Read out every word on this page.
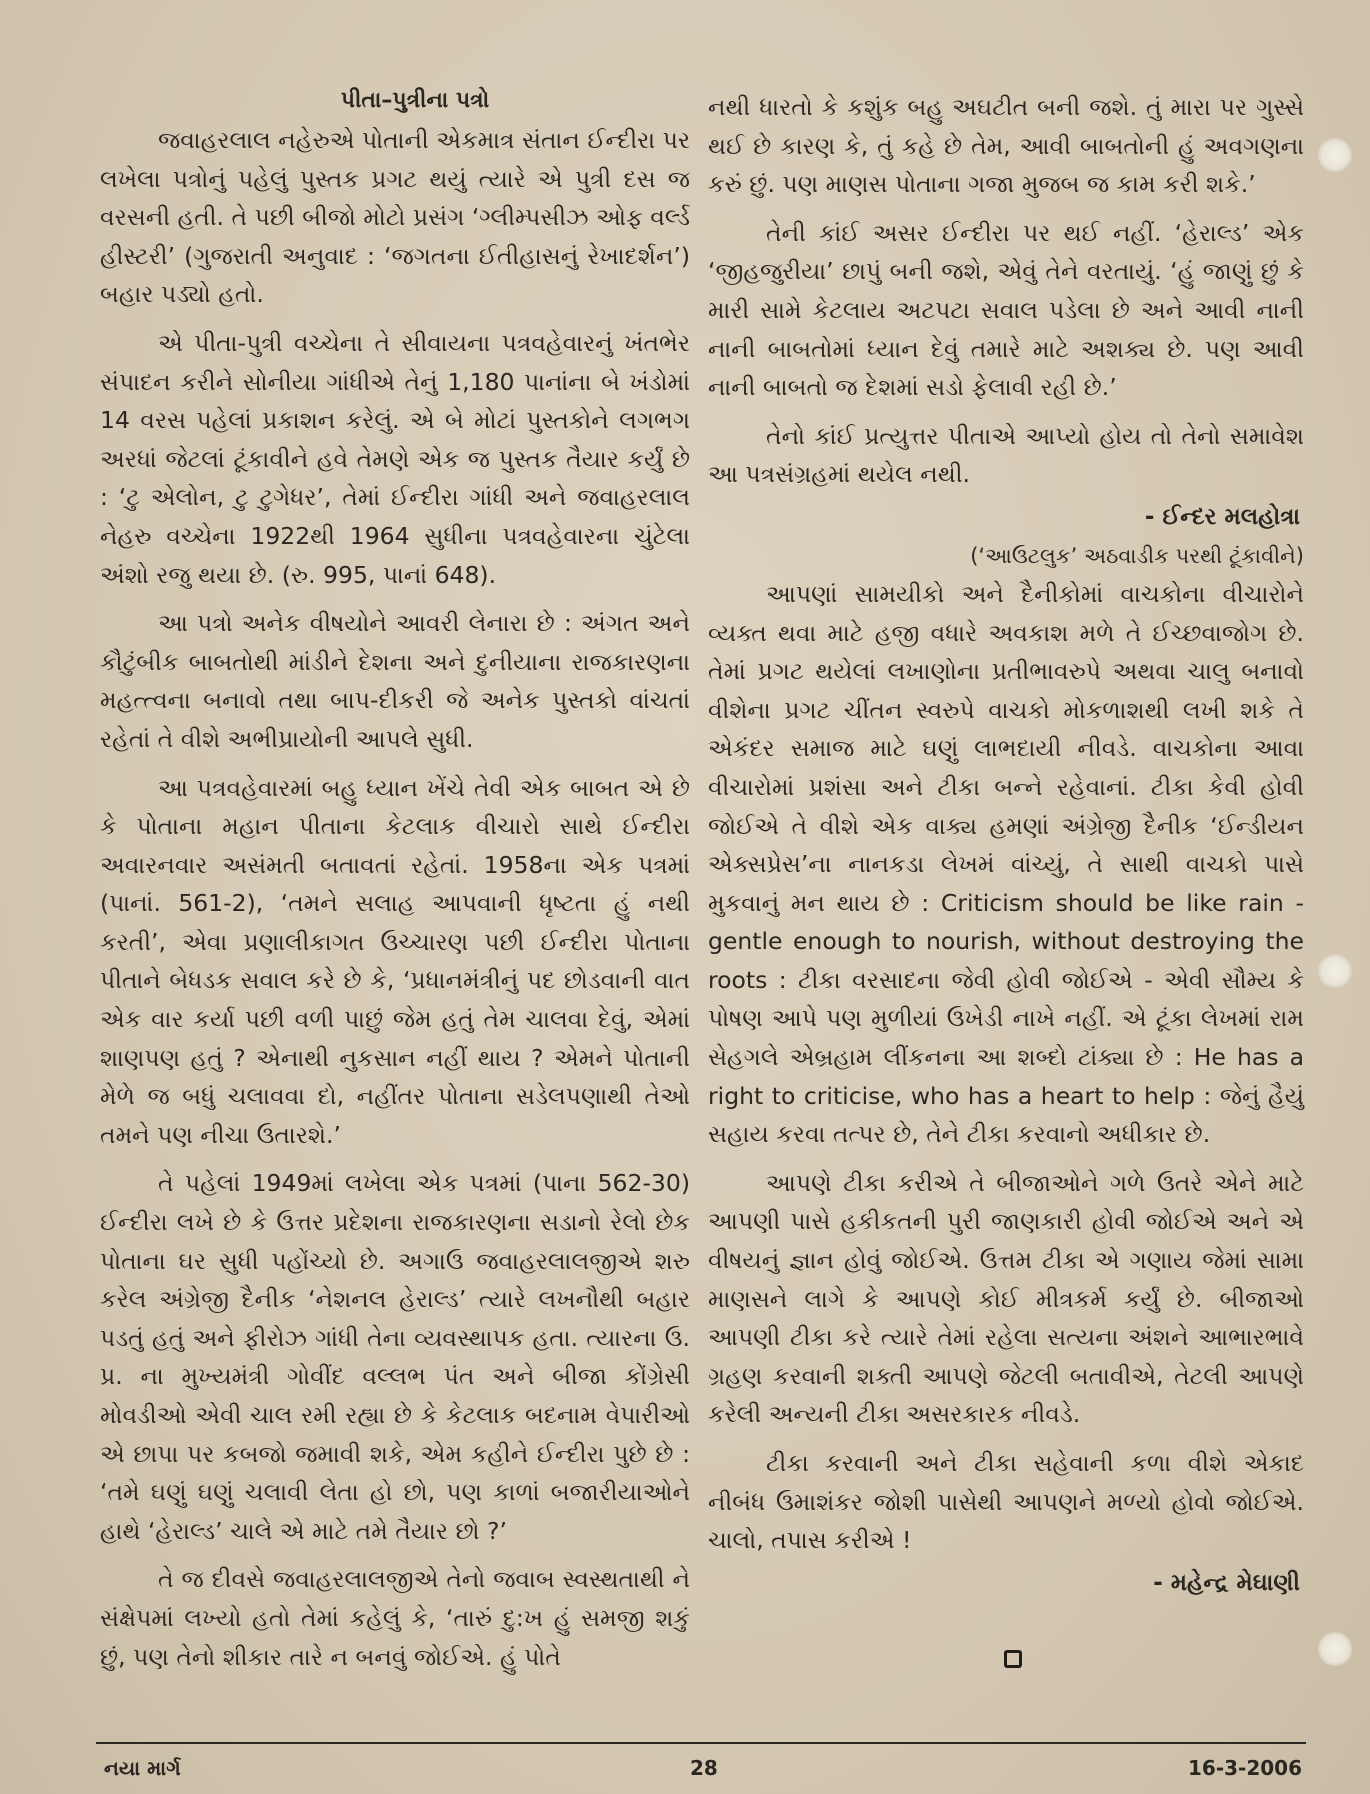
પીતા–પુત્રીના પત્રો

જવાહરલાલ નહેરુએ પોતાની એકમાત્ર સંતાન ઈન્દીરા પર લખેલા પત્રોનું પહેલું પુસ્તક પ્રગટ થયું ત્યારે એ પુત્રી દસ જ વરસની હતી. તે પછી બીજો મોટો પ્રસંગ ‘ગ્લીમ્પસીઝ ઓફ વર્લ્ડ હીસ્ટરી’ (ગુજરાતી અનુવાદ : ‘જગતના ઈતીહાસનું રેખાદર્શન’) બહાર પડ્યો હતો.

એ પીતા-પુત્રી વચ્ચેના તે સીવાયના પત્રવહેવારનું ખંતભેર સંપાદન કરીને સોનીયા ગાંધીએ તેનું 1,180 પાનાંના બે ખંડોમાં 14 વરસ પહેલાં પ્રકાશન કરેલું. એ બે મોટાં પુસ્તકોને લગભગ અરધાં જેટલાં ટૂંકાવીને હવે તેમણે એક જ પુસ્તક તૈયાર કર્યું છે : ‘ટુ એલોન, ટુ ટુગેધર’, તેમાં ઈન્દીરા ગાંધી અને જવાહરલાલ નેહરુ વચ્ચેના 1922થી 1964 સુધીના પત્રવહેવારના ચુંટેલા અંશો રજુ થયા છે. (રુ. 995, પાનાં 648).

આ પત્રો અનેક વીષયોને આવરી લેનારા છે : અંગત અને કૌટુંબીક બાબતોથી માંડીને દેશના અને દુનીયાના રાજકારણના મહત્ત્વના બનાવો તથા બાપ-દીકરી જે અનેક પુસ્તકો વાંચતાં રહેતાં તે વીશે અભીપ્રાયોની આપલે સુધી.

આ પત્રવહેવારમાં બહુ ધ્યાન ખેંચે તેવી એક બાબત એ છે કે પોતાના મહાન પીતાના કેટલાક વીચારો સાથે ઈન્દીરા અવારનવાર અસંમતી બતાવતાં રહેતાં. 1958ના એક પત્રમાં (પાનાં. 561-2), ‘તમને સલાહ આપવાની ધૃષ્ટતા હું નથી કરતી’, એવા પ્રણાલીકાગત ઉચ્ચારણ પછી ઈન્દીરા પોતાના પીતાને બેધડક સવાલ કરે છે કે, ‘પ્રધાનમંત્રીનું પદ છોડવાની વાત એક વાર કર્યા પછી વળી પાછું જેમ હતું તેમ ચાલવા દેવું, એમાં શાણપણ હતું ? એનાથી નુકસાન નહીં થાય ? એમને પોતાની મેળે જ બધું ચલાવવા દો, નહીંતર પોતાના સડેલપણાથી તેઓ તમને પણ નીચા ઉતારશે.’

તે પહેલાં 1949માં લખેલા એક પત્રમાં (પાના 562-30) ઈન્દીરા લખે છે કે ઉત્તર પ્રદેશના રાજકારણના સડાનો રેલો છેક પોતાના ઘર સુધી પહોંચ્યો છે. અગાઉ જવાહરલાલજીએ શરુ કરેલ અંગ્રેજી દૈનીક ‘નેશનલ હેરાલ્ડ’ ત્યારે લખનૌથી બહાર પડતું હતું અને ફીરોઝ ગાંધી તેના વ્યવસ્થાપક હતા. ત્યારના ઉ. પ્ર. ના મુખ્યમંત્રી ગોવીંદ વલ્લભ પંત અને બીજા કોંગ્રેસી મોવડીઓ એવી ચાલ રમી રહ્યા છે કે કેટલાક બદનામ વેપારીઓ એ છાપા પર કબજો જમાવી શકે, એમ કહીને ઈન્દીરા પુછે છે : ‘તમે ઘણું ઘણું ચલાવી લેતા હો છો, પણ કાળાં બજારીયાઓને હાથે ‘હેરાલ્ડ’ ચાલે એ માટે તમે તૈયાર છો ?’

તે જ દીવસે જવાહરલાલજીએ તેનો જવાબ સ્વસ્થતાથી ને સંક્ષેપમાં લખ્યો હતો તેમાં કહેલું કે, ‘તારું દુ:ખ હું સમજી શકું છું, પણ તેનો શીકાર તારે ન બનવું જોઈએ. હું પોતે

નથી ધારતો કે કશુંક બહુ અઘટીત બની જશે. તું મારા પર ગુસ્સે થઈ છે કારણ કે, તું કહે છે તેમ, આવી બાબતોની હું અવગણના કરું છું. પણ માણસ પોતાના ગજા મુજબ જ કામ કરી શકે.’

તેની કાંઈ અસર ઈન્દીરા પર થઈ નહીં. ‘હેરાલ્ડ’ એક ‘જીહજુરીયા’ છાપું બની જશે, એવું તેને વરતાયું. ‘હું જાણું છું કે મારી સામે કેટલાય અટપટા સવાલ પડેલા છે અને આવી નાની નાની બાબતોમાં ધ્યાન દેવું તમારે માટે અશક્ય છે. પણ આવી નાની બાબતો જ દેશમાં સડો ફેલાવી રહી છે.’

તેનો કાંઈ પ્રત્યુત્તર પીતાએ આપ્યો હોય તો તેનો સમાવેશ આ પત્રસંગ્રહમાં થયેલ નથી.

- ઈન્દર મલહોત્રા
(‘આઉટલુક’ અઠવાડીક પરથી ટૂંકાવીને)

આપણાં સામયીકો અને દૈનીકોમાં વાચકોના વીચારોને વ્યક્ત થવા માટે હજી વધારે અવકાશ મળે તે ઈચ્છવાજોગ છે. તેમાં પ્રગટ થયેલાં લખાણોના પ્રતીભાવરુપે અથવા ચાલુ બનાવો વીશેના પ્રગટ ચીંતન સ્વરુપે વાચકો મોકળાશથી લખી શકે તે એકંદર સમાજ માટે ઘણું લાભદાયી નીવડે. વાચકોના આવા વીચારોમાં પ્રશંસા અને ટીકા બન્ને રહેવાનાં. ટીકા કેવી હોવી જોઈએ તે વીશે એક વાક્ય હમણાં અંગ્રેજી દૈનીક ‘ઈન્ડીયન એક્સપ્રેસ’ના નાનકડા લેખમં વાંચ્યું, તે સાથી વાચકો પાસે મુકવાનું મન થાય છે : Criticism should be like rain - gentle enough to nourish, without destroying the roots : ટીકા વરસાદના જેવી હોવી જોઈએ - એવી સૌમ્ય કે પોષણ આપે પણ મુળીયાં ઉખેડી નાખે નહીં. એ ટૂંકા લેખમાં રામ સેહગલે એબ્રહામ લીંકનના આ શબ્દો ટાંક્યા છે : He has a right to criticise, who has a heart to help : જેનું હૈયું સહાય કરવા તત્પર છે, તેને ટીકા કરવાનો અધીકાર છે.

આપણે ટીકા કરીએ તે બીજાઓને ગળે ઉતરે એને માટે આપણી પાસે હકીકતની પુરી જાણકારી હોવી જોઈએ અને એ વીષયનું જ્ઞાન હોવું જોઈએ. ઉત્તમ ટીકા એ ગણાય જેમાં સામા માણસને લાગે કે આપણે કોઈ મીત્રકર્મ કર્યું છે. બીજાઓ આપણી ટીકા કરે ત્યારે તેમાં રહેલા સત્યના અંશને આભારભાવે ગ્રહણ કરવાની શક્તી આપણે જેટલી બતાવીએ, તેટલી આપણે કરેલી અન્યની ટીકા અસરકારક નીવડે.

ટીકા કરવાની અને ટીકા સહેવાની કળા વીશે એકાદ નીબંધ ઉમાશંકર જોશી પાસેથી આપણને મળ્યો હોવો જોઈએ. ચાલો, તપાસ કરીએ !

- મહેન્દ્ર મેઘાણી
નયા માર્ગ	28	16-3-2006
